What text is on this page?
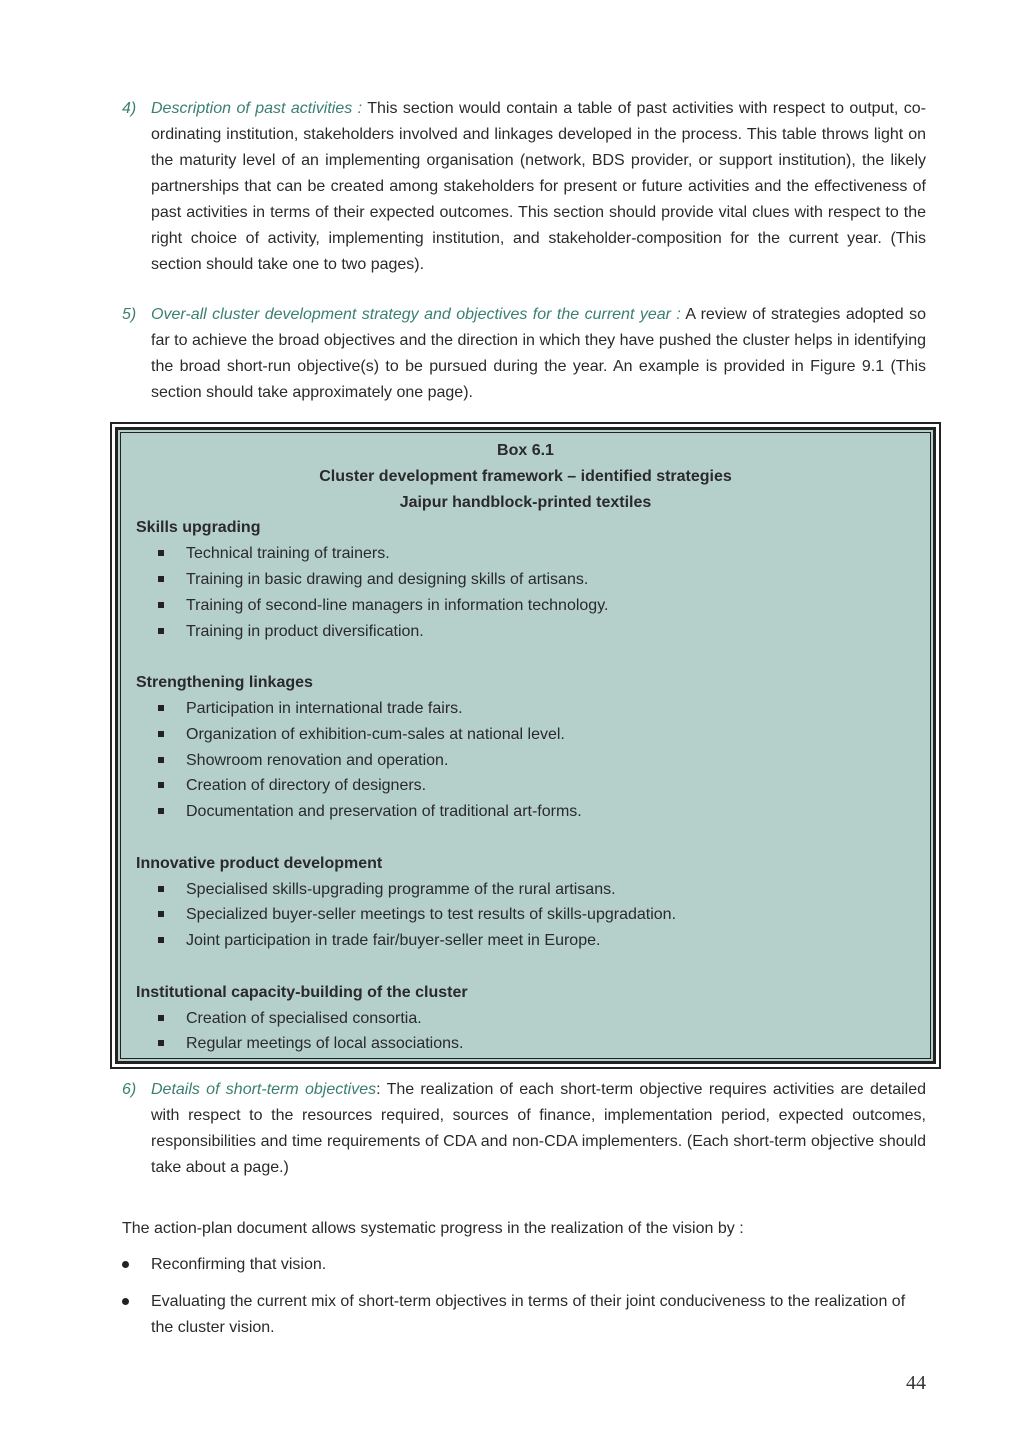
4) Description of past activities : This section would contain a table of past activities with respect to output, co-ordinating institution, stakeholders involved and linkages developed in the process. This table throws light on the maturity level of an implementing organisation (network, BDS provider, or support institution), the likely partnerships that can be created among stakeholders for present or future activities and the effectiveness of past activities in terms of their expected outcomes. This section should provide vital clues with respect to the right choice of activity, implementing institution, and stakeholder-composition for the current year. (This section should take one to two pages).
5) Over-all cluster development strategy and objectives for the current year : A review of strategies adopted so far to achieve the broad objectives and the direction in which they have pushed the cluster helps in identifying the broad short-run objective(s) to be pursued during the year. An example is provided in Figure 9.1 (This section should take approximately one page).
Box 6.1
Cluster development framework – identified strategies
Jaipur handblock-printed textiles
Skills upgrading
Technical training of trainers.
Training in basic drawing and designing skills of artisans.
Training of second-line managers in information technology.
Training in product diversification.
Strengthening linkages
Participation in international trade fairs.
Organization of exhibition-cum-sales at national level.
Showroom renovation and operation.
Creation of directory of designers.
Documentation and preservation of traditional art-forms.
Innovative product development
Specialised skills-upgrading programme of the rural artisans.
Specialized buyer-seller meetings to test results of skills-upgradation.
Joint participation in trade fair/buyer-seller meet in Europe.
Institutional capacity-building of the cluster
Creation of specialised consortia.
Regular meetings of local associations.
6) Details of short-term objectives: The realization of each short-term objective requires activities are detailed with respect to the resources required, sources of finance, implementation period, expected outcomes, responsibilities and time requirements of CDA and non-CDA implementers. (Each short-term objective should take about a page.)
The action-plan document allows systematic progress in the realization of the vision by :
Reconfirming that vision.
Evaluating the current mix of short-term objectives in terms of their joint conduciveness to the realization of the cluster vision.
44
